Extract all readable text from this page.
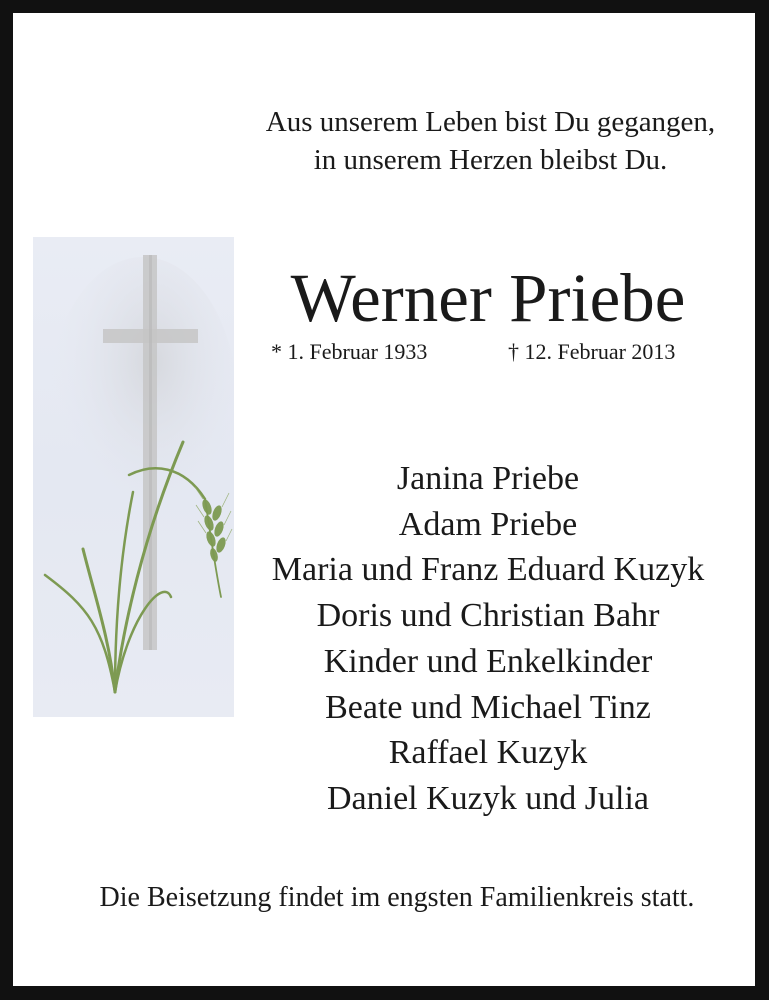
Aus unserem Leben bist Du gegangen,
in unserem Herzen bleibst Du.
Werner Priebe
* 1. Februar 1933	† 12. Februar 2013
Janina Priebe
Adam Priebe
Maria und Franz Eduard Kuzyk
Doris und Christian Bahr
Kinder und Enkelkinder
Beate und Michael Tinz
Raffael Kuzyk
Daniel Kuzyk und Julia
Die Beisetzung findet im engsten Familienkreis statt.
